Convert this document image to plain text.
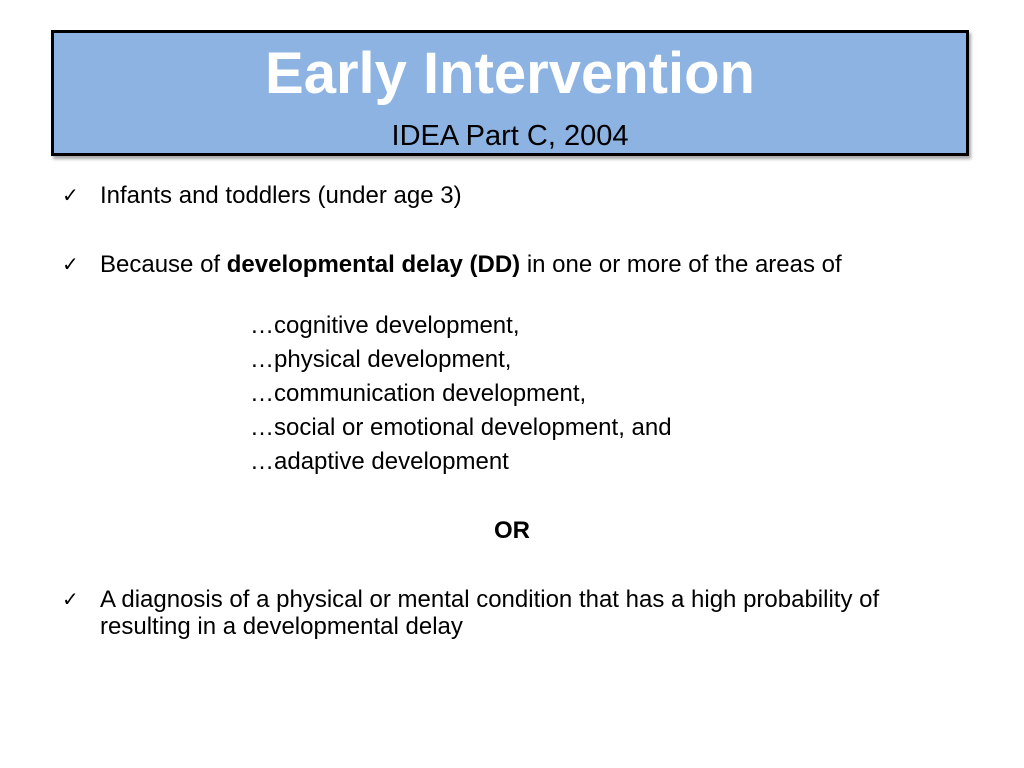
Early Intervention
IDEA Part C, 2004
✓ Infants and toddlers (under age 3)
✓ Because of developmental delay (DD) in one or more of the areas of
…cognitive development,
…physical development,
…communication development,
…social or emotional development, and
…adaptive development
OR
✓ A diagnosis of a physical or mental condition that has a high probability of resulting in a developmental delay
